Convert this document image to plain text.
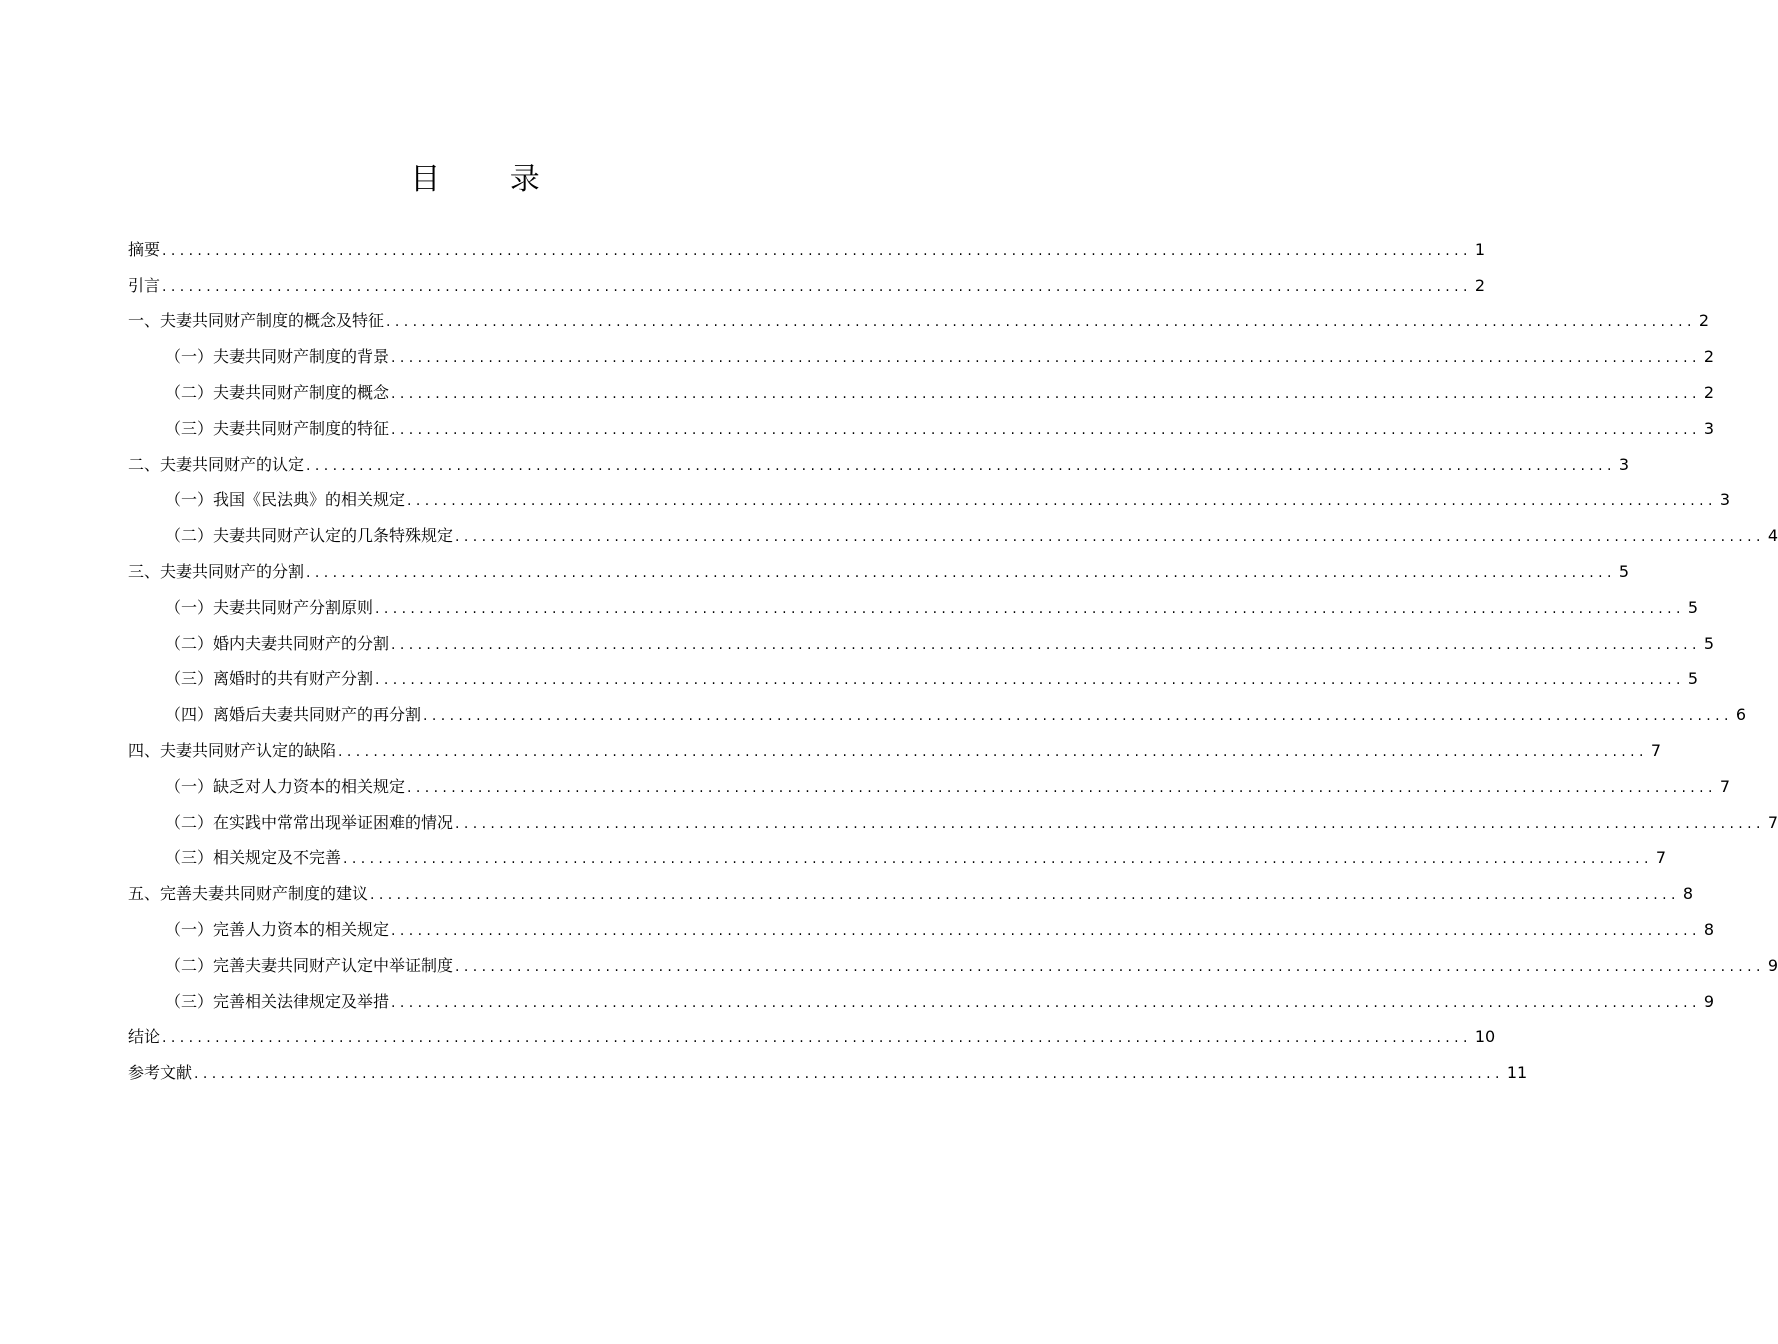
目 录
摘要 .................................................................................................................................................... 1
引言 .................................................................................................................................................... 2
一、夫妻共同财产制度的概念及特征 .................................................................................................................................................... 2
（一）夫妻共同财产制度的背景 .................................................................................................................................................... 2
（二）夫妻共同财产制度的概念 .................................................................................................................................................... 2
（三）夫妻共同财产制度的特征 .................................................................................................................................................... 3
二、夫妻共同财产的认定 .................................................................................................................................................... 3
（一）我国《民法典》的相关规定 .................................................................................................................................................... 3
（二）夫妻共同财产认定的几条特殊规定 .................................................................................................................................................... 4
三、夫妻共同财产的分割 .................................................................................................................................................... 5
（一）夫妻共同财产分割原则 .................................................................................................................................................... 5
（二）婚内夫妻共同财产的分割 .................................................................................................................................................... 5
（三）离婚时的共有财产分割 .................................................................................................................................................... 5
（四）离婚后夫妻共同财产的再分割 .................................................................................................................................................... 6
四、夫妻共同财产认定的缺陷 .................................................................................................................................................... 7
（一）缺乏对人力资本的相关规定 .................................................................................................................................................... 7
（二）在实践中常常出现举证困难的情况 .................................................................................................................................................... 7
（三）相关规定及不完善 .................................................................................................................................................... 7
五、完善夫妻共同财产制度的建议 .................................................................................................................................................... 8
（一）完善人力资本的相关规定 .................................................................................................................................................... 8
（二）完善夫妻共同财产认定中举证制度 .................................................................................................................................................... 9
（三）完善相关法律规定及举措 .................................................................................................................................................... 9
结论 .................................................................................................................................................... 10
参考文献 .................................................................................................................................................... 11
